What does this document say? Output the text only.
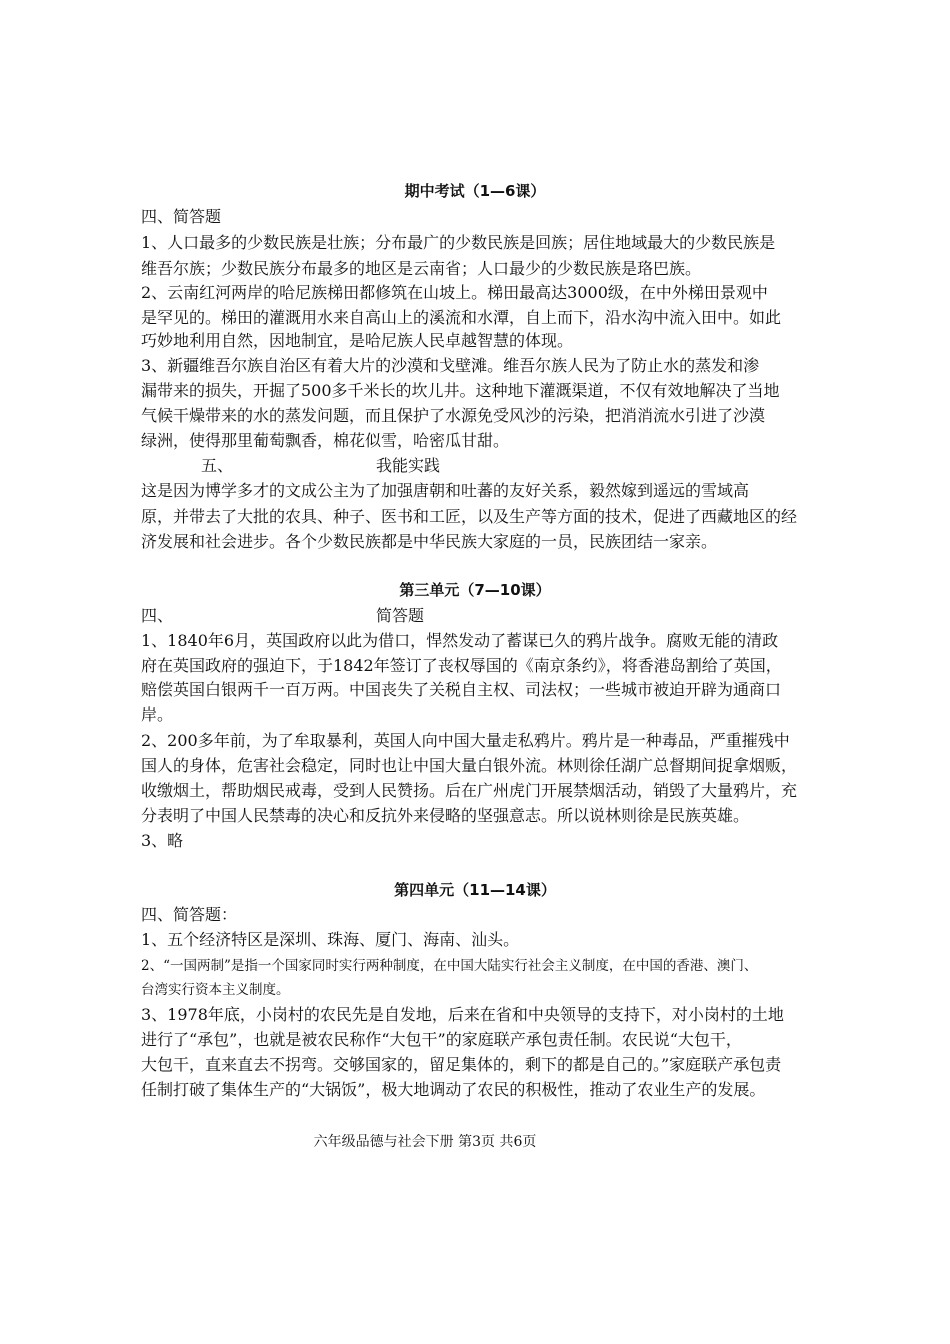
期中考试（1—6课）
四、简答题
1、人口最多的少数民族是壮族；分布最广的少数民族是回族；居住地域最大的少数民族是
维吾尔族；少数民族分布最多的地区是云南省；人口最少的少数民族是珞巴族。
2、云南红河两岸的哈尼族梯田都修筑在山坡上。梯田最高达3000级，在中外梯田景观中
是罕见的。梯田的灌溉用水来自高山上的溪流和水潭，自上而下，沿水沟中流入田中。如此
巧妙地利用自然，因地制宜，是哈尼族人民卓越智慧的体现。
3、新疆维吾尔族自治区有着大片的沙漠和戈壁滩。维吾尔族人民为了防止水的蒸发和渗
漏带来的损失，开掘了500多千米长的坎儿井。这种地下灌溉渠道，不仅有效地解决了当地
气候干燥带来的水的蒸发问题，而且保护了水源免受风沙的污染，把消消流水引进了沙漠
绿洲，使得那里葡萄飘香，棉花似雪，哈密瓜甘甜。
五、	我能实践
这是因为博学多才的文成公主为了加强唐朝和吐蕃的友好关系，毅然嫁到遥远的雪域高
原，并带去了大批的农具、种子、医书和工匠，以及生产等方面的技术，促进了西藏地区的经
济发展和社会进步。各个少数民族都是中华民族大家庭的一员，民族团结一家亲。
第三单元（7—10课）
四、	简答题
1、1840年6月，英国政府以此为借口，悍然发动了蓄谋已久的鸦片战争。腐败无能的清政
府在英国政府的强迫下，于1842年签订了丧权辱国的《南京条约》，将香港岛割给了英国，
赔偿英国白银两千一百万两。中国丧失了关税自主权、司法权；一些城市被迫开辟为通商口
岸。
2、200多年前，为了牟取暴利，英国人向中国大量走私鸦片。鸦片是一种毒品，严重摧残中
国人的身体，危害社会稳定，同时也让中国大量白银外流。林则徐任湖广总督期间捉拿烟贩，
收缴烟土，帮助烟民戒毒，受到人民赞扬。后在广州虎门开展禁烟活动，销毁了大量鸦片，充
分表明了中国人民禁毒的决心和反抗外来侵略的坚强意志。所以说林则徐是民族英雄。
3、略
第四单元（11—14课）
四、简答题：
1、五个经济特区是深圳、珠海、厦门、海南、汕头。
2、“一国两制”是指一个国家同时实行两种制度，在中国大陆实行社会主义制度，在中国的香港、澳门、
台湾实行资本主义制度。
3、1978年底，小岗村的农民先是自发地，后来在省和中央领导的支持下，对小岗村的土地
进行了“承包”，也就是被农民称作“大包干”的家庭联产承包责任制。农民说“大包干，
大包干，直来直去不拐弯。交够国家的，留足集体的，剩下的都是自己的。”家庭联产承包责
任制打破了集体生产的“大锅饭”，极大地调动了农民的积极性，推动了农业生产的发展。
六年级品德与社会下册 第3页 共6页
